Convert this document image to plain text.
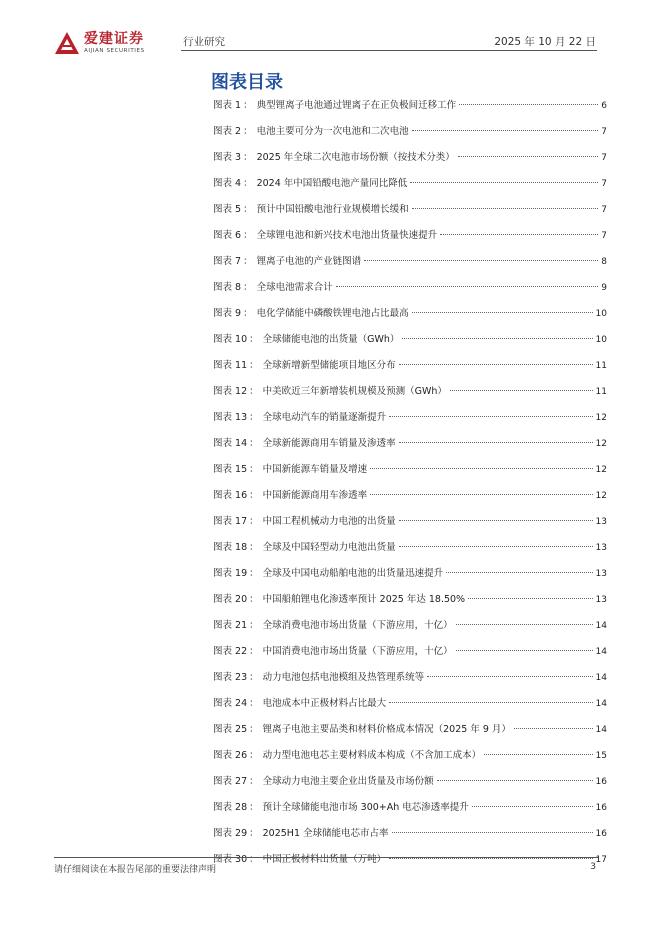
爱建证券
AIJIAN SECURITIES
行业研究	2025 年 10 月 22 日
图表目录
图表 1 ： 典型锂离子电池通过锂离子在正负极间迁移工作	6
图表 2 ： 电池主要可分为一次电池和二次电池	7
图表 3 ： 2025 年全球二次电池市场份额（按技术分类）	7
图表 4 ： 2024 年中国铅酸电池产量同比降低	7
图表 5 ： 预计中国铅酸电池行业规模增长缓和	7
图表 6 ： 全球锂电池和新兴技术电池出货量快速提升	7
图表 7 ： 锂离子电池的产业链图谱	8
图表 8 ： 全球电池需求合计	9
图表 9 ： 电化学储能中磷酸铁锂电池占比最高	10
图表 10 ： 全球储能电池的出货量（GWh）	10
图表 11 ： 全球新增新型储能项目地区分布	11
图表 12 ： 中美欧近三年新增装机规模及预测（GWh）	11
图表 13 ： 全球电动汽车的销量逐渐提升	12
图表 14 ： 全球新能源商用车销量及渗透率	12
图表 15 ： 中国新能源车销量及增速	12
图表 16 ： 中国新能源商用车渗透率	12
图表 17 ： 中国工程机械动力电池的出货量	13
图表 18 ： 全球及中国轻型动力电池出货量	13
图表 19 ： 全球及中国电动船舶电池的出货量迅速提升	13
图表 20 ： 中国船舶锂电化渗透率预计 2025 年达 18.50%	13
图表 21 ： 全球消费电池市场出货量（下游应用，十亿）	14
图表 22 ： 中国消费电池市场出货量（下游应用，十亿）	14
图表 23 ： 动力电池包括电池模组及热管理系统等	14
图表 24 ： 电池成本中正极材料占比最大	14
图表 25 ： 锂离子电池主要品类和材料价格成本情况（2025 年 9 月）	14
图表 26 ： 动力型电池电芯主要材料成本构成（不含加工成本）	15
图表 27 ： 全球动力电池主要企业出货量及市场份额	16
图表 28 ： 预计全球储能电池市场 300+Ah 电芯渗透率提升	16
图表 29 ： 2025H1 全球储能电芯市占率	16
图表 30 ： 中国正极材料出货量（万吨）	17
请仔细阅读在本报告尾部的重要法律声明	3
